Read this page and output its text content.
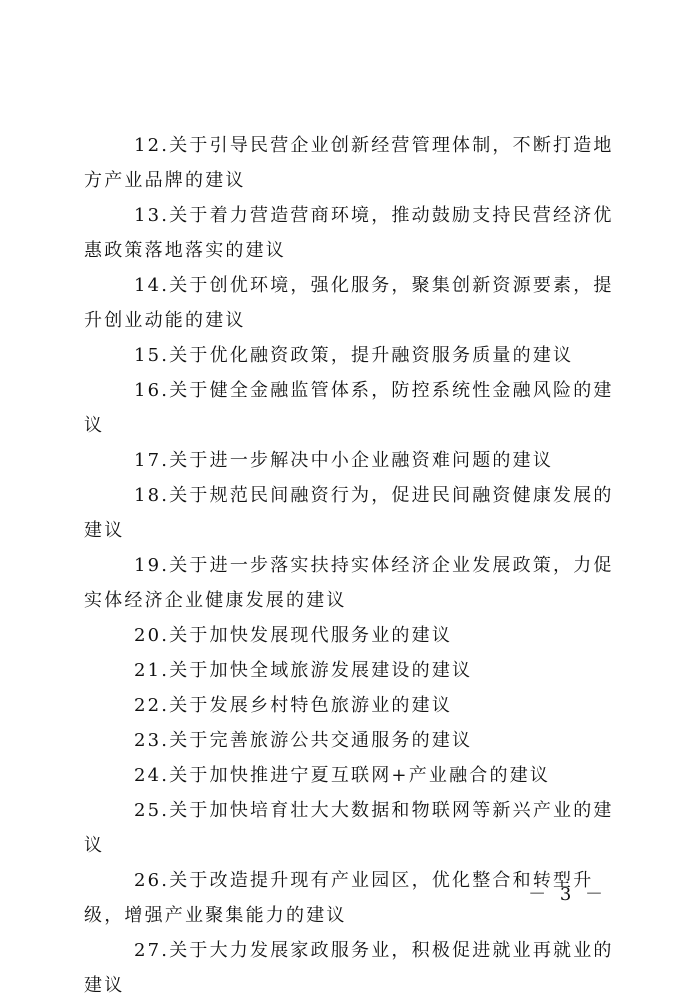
12.关于引导民营企业创新经营管理体制，不断打造地方产业品牌的建议
13.关于着力营造营商环境，推动鼓励支持民营经济优惠政策落地落实的建议
14.关于创优环境，强化服务，聚集创新资源要素，提升创业动能的建议
15.关于优化融资政策，提升融资服务质量的建议
16.关于健全金融监管体系，防控系统性金融风险的建议
17.关于进一步解决中小企业融资难问题的建议
18.关于规范民间融资行为，促进民间融资健康发展的建议
19.关于进一步落实扶持实体经济企业发展政策，力促实体经济企业健康发展的建议
20.关于加快发展现代服务业的建议
21.关于加快全域旅游发展建设的建议
22.关于发展乡村特色旅游业的建议
23.关于完善旅游公共交通服务的建议
24.关于加快推进宁夏互联网+产业融合的建议
25.关于加快培育壮大大数据和物联网等新兴产业的建议
26.关于改造提升现有产业园区，优化整合和转型升级，增强产业聚集能力的建议
27.关于大力发展家政服务业，积极促进就业再就业的建议
－ 3 －
